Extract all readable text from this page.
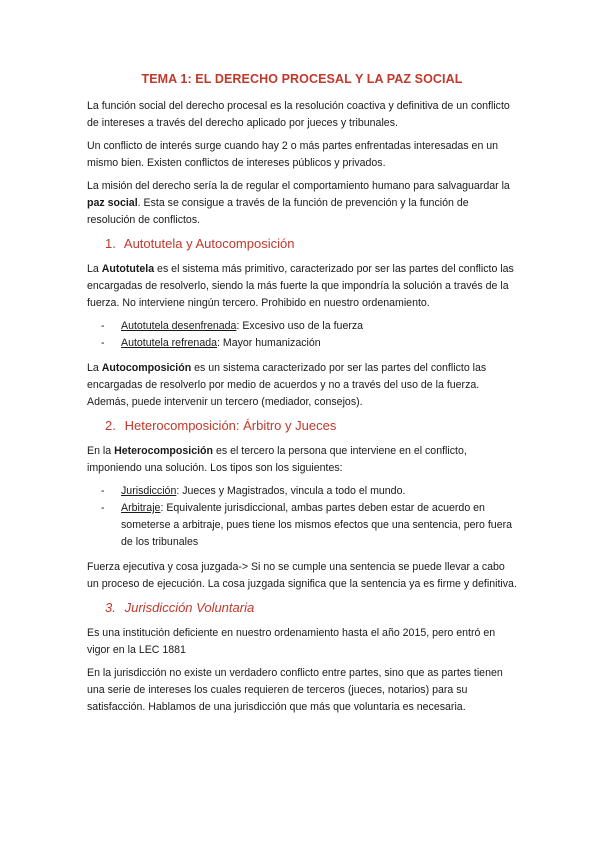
TEMA 1: EL DERECHO PROCESAL Y LA PAZ SOCIAL

La función social del derecho procesal es la resolución coactiva y definitiva de un conflicto de intereses a través del derecho aplicado por jueces y tribunales.

Un conflicto de interés surge cuando hay 2 o más partes enfrentadas interesadas en un mismo bien. Existen conflictos de intereses públicos y privados.

La misión del derecho sería la de regular el comportamiento humano para salvaguardar la paz social. Esta se consigue a través de la función de prevención y la función de resolución de conflictos.

1. Autotutela y Autocomposición

La Autotutela es el sistema más primitivo, caracterizado por ser las partes del conflicto las encargadas de resolverlo, siendo la más fuerte la que impondría la solución a través de la fuerza. No interviene ningún tercero. Prohibido en nuestro ordenamiento.

- Autotutela desenfrenada: Excesivo uso de la fuerza
- Autotutela refrenada: Mayor humanización

La Autocomposición es un sistema caracterizado por ser las partes del conflicto las encargadas de resolverlo por medio de acuerdos y no a través del uso de la fuerza. Además, puede intervenir un tercero (mediador, consejos).

2. Heterocomposición: Árbitro y Jueces

En la Heterocomposición es el tercero la persona que interviene en el conflicto, imponiendo una solución. Los tipos son los siguientes:

- Jurisdicción: Jueces y Magistrados, vincula a todo el mundo.
- Arbitraje: Equivalente jurisdiccional, ambas partes deben estar de acuerdo en someterse a arbitraje, pues tiene los mismos efectos que una sentencia, pero fuera de los tribunales

Fuerza ejecutiva y cosa juzgada-> Si no se cumple una sentencia se puede llevar a cabo un proceso de ejecución. La cosa juzgada significa que la sentencia ya es firme y definitiva.

3. Jurisdicción Voluntaria

Es una institución deficiente en nuestro ordenamiento hasta el año 2015, pero entró en vigor en la LEC 1881

En la jurisdicción no existe un verdadero conflicto entre partes, sino que as partes tienen una serie de intereses los cuales requieren de terceros (jueces, notarios) para su satisfacción. Hablamos de una jurisdicción que más que voluntaria es necesaria.
